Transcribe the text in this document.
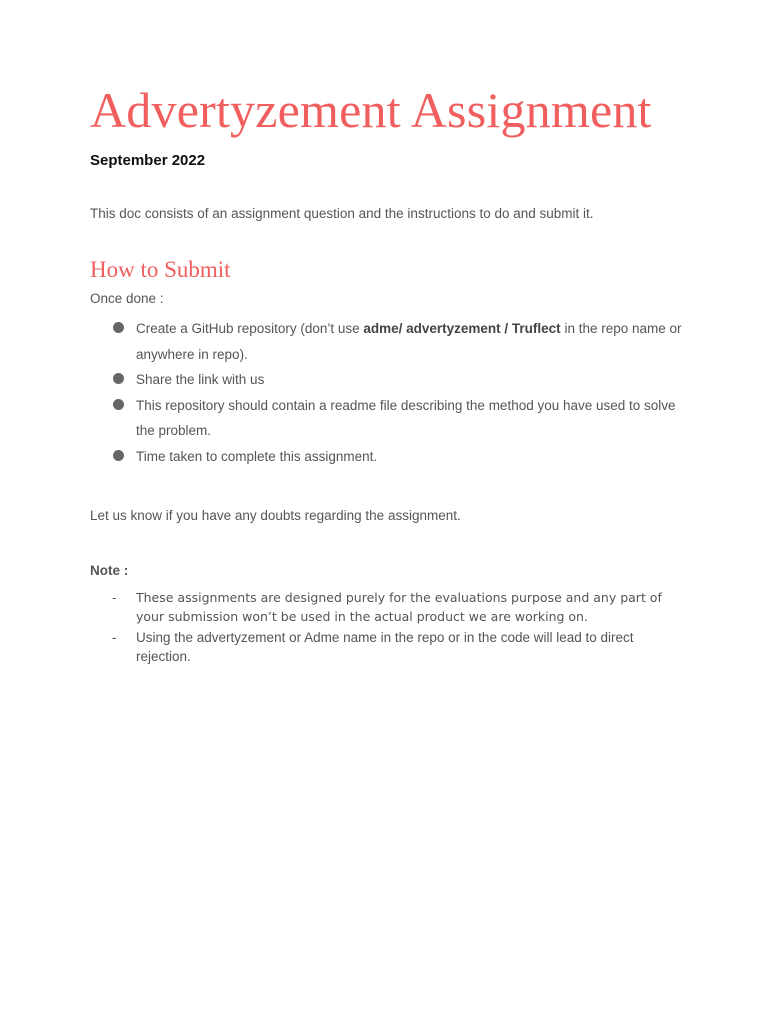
Advertyzement Assignment
September 2022
This doc consists of an assignment question and the instructions to do and submit it.
How to Submit
Once done :
Create a GitHub repository (don’t use adme/ advertyzement / Truflect in the repo name or anywhere in repo).
Share the link with us
This repository should contain a readme file describing the method you have used to solve the problem.
Time taken to complete this assignment.
Let us know if you have any doubts regarding the assignment.
Note :
- These assignments are designed purely for the evaluations purpose and any part of your submission won’t be used in the actual product we are working on.
- Using the advertyzement or Adme name in the repo or in the code will lead to direct rejection.
